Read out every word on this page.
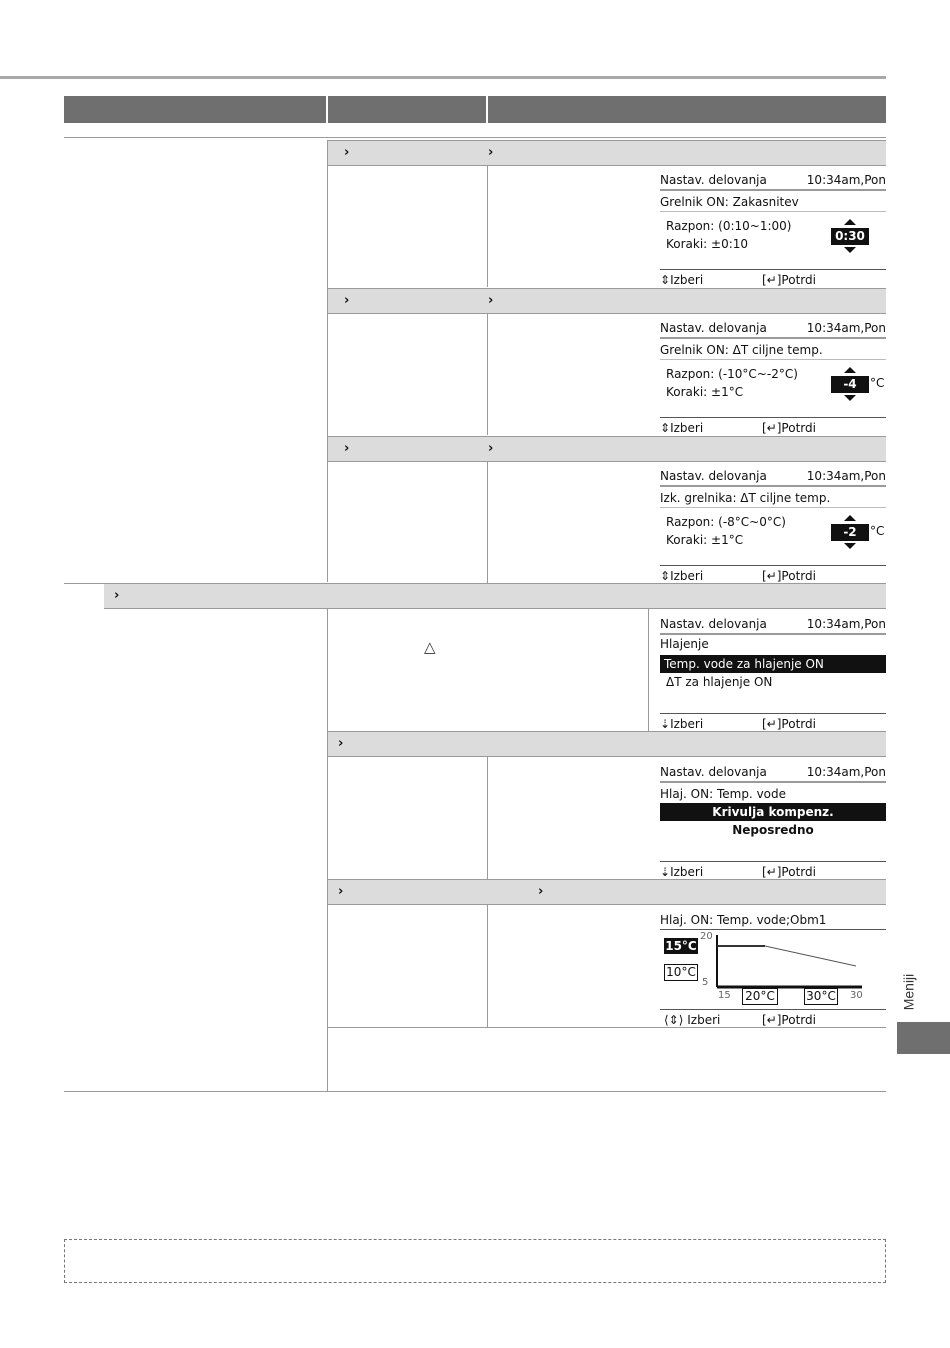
›	›
›	›
›	›
›
›
›	›
Nastav. delovanja	10:34am,Pon
Grelnik ON: Zakasnitev
Razpon: (0:10~1:00)
Koraki: ±0:10
0:30
⇕Izberi	[↵]Potrdi
Nastav. delovanja	10:34am,Pon
Grelnik ON: ΔT ciljne temp.
Razpon: (-10°C~-2°C)
Koraki: ±1°C
-4	°C
⇕Izberi	[↵]Potrdi
Nastav. delovanja	10:34am,Pon
Izk. grelnika: ΔT ciljne temp.
Razpon: (-8°C~0°C)
Koraki: ±1°C
-2	°C
⇕Izberi	[↵]Potrdi
△
Nastav. delovanja	10:34am,Pon
Hlajenje
Temp. vode za hlajenje ON
ΔT za hlajenje ON
⇣Izberi	[↵]Potrdi
Nastav. delovanja	10:34am,Pon
Hlaj. ON: Temp. vode
Krivulja kompenz.
Neposredno
⇣Izberi	[↵]Potrdi
Hlaj. ON: Temp. vode;Obm1
20
5
15	30
15°C
10°C
20°C	30°C
⟨⇕⟩ Izberi	[↵]Potrdi
Meniji
